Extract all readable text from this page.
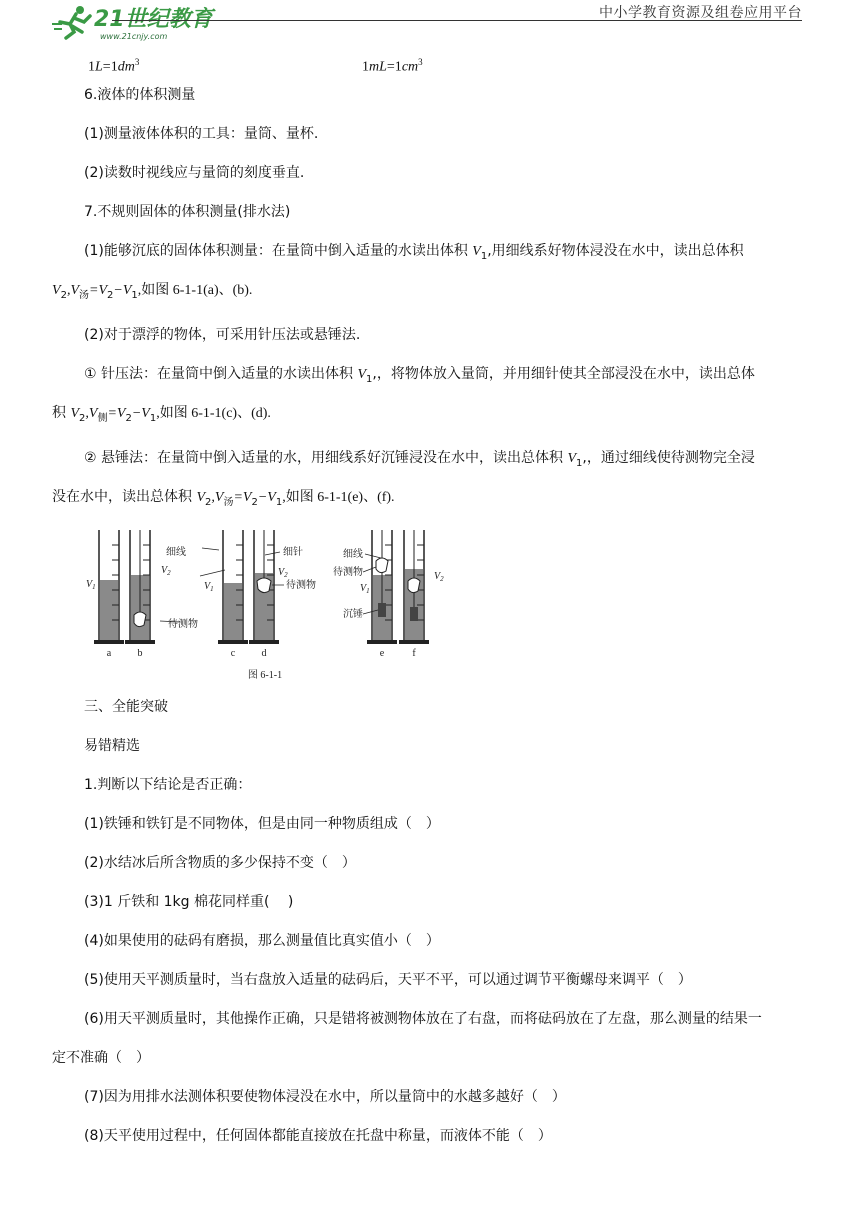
21世纪教育
www.21cnjy.com
中小学教育资源及组卷应用平台
$1L=1dm^3$	$1mL=1cm^3$
6.液体的体积测量
(1)测量液体体积的工具：量筒、量杯.
(2)读数时视线应与量筒的刻度垂直.
7.不规则固体的体积测量(排水法)
(1)能够沉底的固体体积测量：在量筒中倒入适量的水读出体积 $V_1$,用细线系好物体浸没在水中，读出总体积
$V_2,V_汤=V_2-V_1$,如图 6-1-1(a)、(b).
(2)对于漂浮的物体，可采用针压法或悬锤法.
① 针压法：在量筒中倒入适量的水读出体积 $V_1$,，将物体放入量筒，并用细针使其全部浸没在水中，读出总体
积 $V_2,V_侧=V_2-V_1$,如图 6-1-1(c)、(d).
② 悬锤法：在量筒中倒入适量的水，用细线系好沉锤浸没在水中，读出总体积 $V_1$,，通过细线使待测物完全浸
没在水中，读出总体积 $V_2,V_汤=V_2-V_1$,如图 6-1-1(e)、(f).
$V_1$
$V_2$
细线
待测物
$V_1$
细针
$V_2$
待测物
细线
待测物
$V_1$
沉锤
$V_2$
a	b	c	d	e	f
图 6-1-1
三、全能突破
易错精选
1.判断以下结论是否正确：
(1)铁锤和铁钉是不同物体，但是由同一种物质组成（　）
(2)水结冰后所含物质的多少保持不变（　）
(3)1 斤铁和 1kg 棉花同样重(　 )
(4)如果使用的砝码有磨损，那么测量值比真实值小（　）
(5)使用天平测质量时，当右盘放入适量的砝码后，天平不平，可以通过调节平衡螺母来调平（　）
(6)用天平测质量时，其他操作正确，只是错将被测物体放在了右盘，而将砝码放在了左盘，那么测量的结果一
定不准确（　）
(7)因为用排水法测体积要使物体浸没在水中，所以量筒中的水越多越好（　）
(8)天平使用过程中，任何固体都能直接放在托盘中称量，而液体不能（　）
